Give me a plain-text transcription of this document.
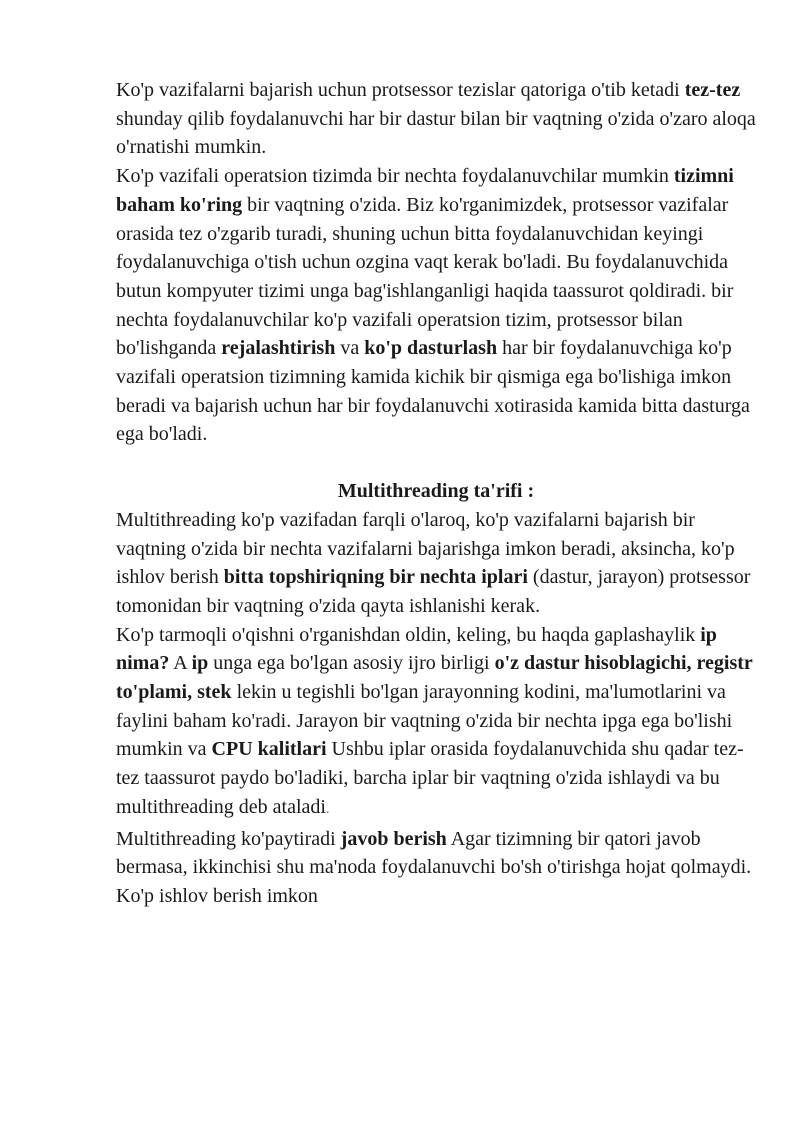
Ko'p vazifalarni bajarish uchun protsessor tezislar qatoriga o'tib ketadi tez-tez shunday qilib foydalanuvchi har bir dastur bilan bir vaqtning o'zida o'zaro aloqa o'rnatishi mumkin.

Ko'p vazifali operatsion tizimda bir nechta foydalanuvchilar mumkin tizimni baham ko'ring bir vaqtning o'zida. Biz ko'rganimizdek, protsessor vazifalar orasida tez o'zgarib turadi, shuning uchun bitta foydalanuvchidan keyingi foydalanuvchiga o'tish uchun ozgina vaqt kerak bo'ladi. Bu foydalanuvchida butun kompyuter tizimi unga bag'ishlanganligi haqida taassurot qoldiradi. bir nechta foydalanuvchilar ko'p vazifali operatsion tizim, protsessor bilan bo'lishganda rejalashtirish va ko'p dasturlash har bir foydalanuvchiga ko'p vazifali operatsion tizimning kamida kichik bir qismiga ega bo'lishiga imkon beradi va bajarish uchun har bir foydalanuvchi xotirasida kamida bitta dasturga ega bo'ladi.

Multithreading ta'rifi :

Multithreading ko'p vazifadan farqli o'laroq, ko'p vazifalarni bajarish bir vaqtning o'zida bir nechta vazifalarni bajarishga imkon beradi, aksincha, ko'p ishlov berish bitta topshiriqning bir nechta iplari (dastur, jarayon) protsessor tomonidan bir vaqtning o'zida qayta ishlanishi kerak.

Ko'p tarmoqli o'qishni o'rganishdan oldin, keling, bu haqda gaplashaylik ip nima? A ip unga ega bo'lgan asosiy ijro birligi o'z dastur hisoblagichi, registr to'plami, stek lekin u tegishli bo'lgan jarayonning kodini, ma'lumotlarini va faylini baham ko'radi. Jarayon bir vaqtning o'zida bir nechta ipga ega bo'lishi mumkin va CPU kalitlari Ushbu iplar orasida foydalanuvchida shu qadar tez-tez taassurot paydo bo'ladiki, barcha iplar bir vaqtning o'zida ishlaydi va bu multithreading deb ataladi.

Multithreading ko'paytiradi javob berish Agar tizimning bir qatori javob bermasa, ikkinchisi shu ma'noda foydalanuvchi bo'sh o'tirishga hojat qolmaydi. Ko'p ishlov berish imkon
